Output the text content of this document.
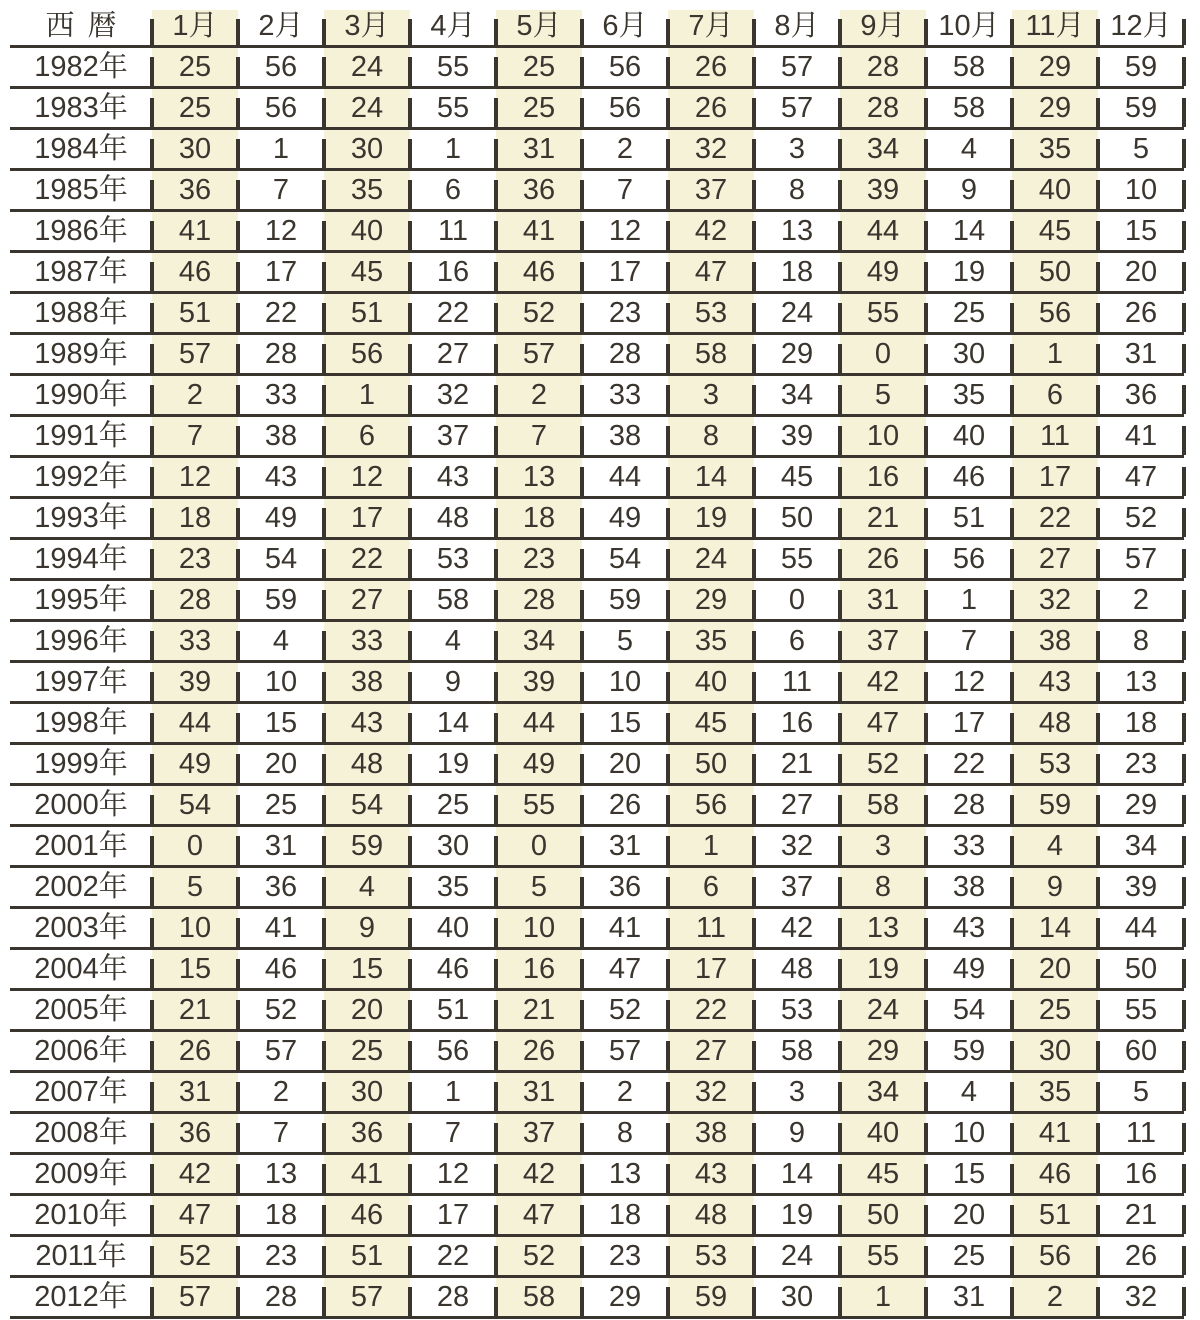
西暦	1月	2月	3月	4月	5月	6月	7月	8月	9月	10月	11月	12月
1982年	25	56	24	55	25	56	26	57	28	58	29	59
1983年	25	56	24	55	25	56	26	57	28	58	29	59
1984年	30	1	30	1	31	2	32	3	34	4	35	5
1985年	36	7	35	6	36	7	37	8	39	9	40	10
1986年	41	12	40	11	41	12	42	13	44	14	45	15
1987年	46	17	45	16	46	17	47	18	49	19	50	20
1988年	51	22	51	22	52	23	53	24	55	25	56	26
1989年	57	28	56	27	57	28	58	29	0	30	1	31
1990年	2	33	1	32	2	33	3	34	5	35	6	36
1991年	7	38	6	37	7	38	8	39	10	40	11	41
1992年	12	43	12	43	13	44	14	45	16	46	17	47
1993年	18	49	17	48	18	49	19	50	21	51	22	52
1994年	23	54	22	53	23	54	24	55	26	56	27	57
1995年	28	59	27	58	28	59	29	0	31	1	32	2
1996年	33	4	33	4	34	5	35	6	37	7	38	8
1997年	39	10	38	9	39	10	40	11	42	12	43	13
1998年	44	15	43	14	44	15	45	16	47	17	48	18
1999年	49	20	48	19	49	20	50	21	52	22	53	23
2000年	54	25	54	25	55	26	56	27	58	28	59	29
2001年	0	31	59	30	0	31	1	32	3	33	4	34
2002年	5	36	4	35	5	36	6	37	8	38	9	39
2003年	10	41	9	40	10	41	11	42	13	43	14	44
2004年	15	46	15	46	16	47	17	48	19	49	20	50
2005年	21	52	20	51	21	52	22	53	24	54	25	55
2006年	26	57	25	56	26	57	27	58	29	59	30	60
2007年	31	2	30	1	31	2	32	3	34	4	35	5
2008年	36	7	36	7	37	8	38	9	40	10	41	11
2009年	42	13	41	12	42	13	43	14	45	15	46	16
2010年	47	18	46	17	47	18	48	19	50	20	51	21
2011年	52	23	51	22	52	23	53	24	55	25	56	26
2012年	57	28	57	28	58	29	59	30	1	31	2	32
